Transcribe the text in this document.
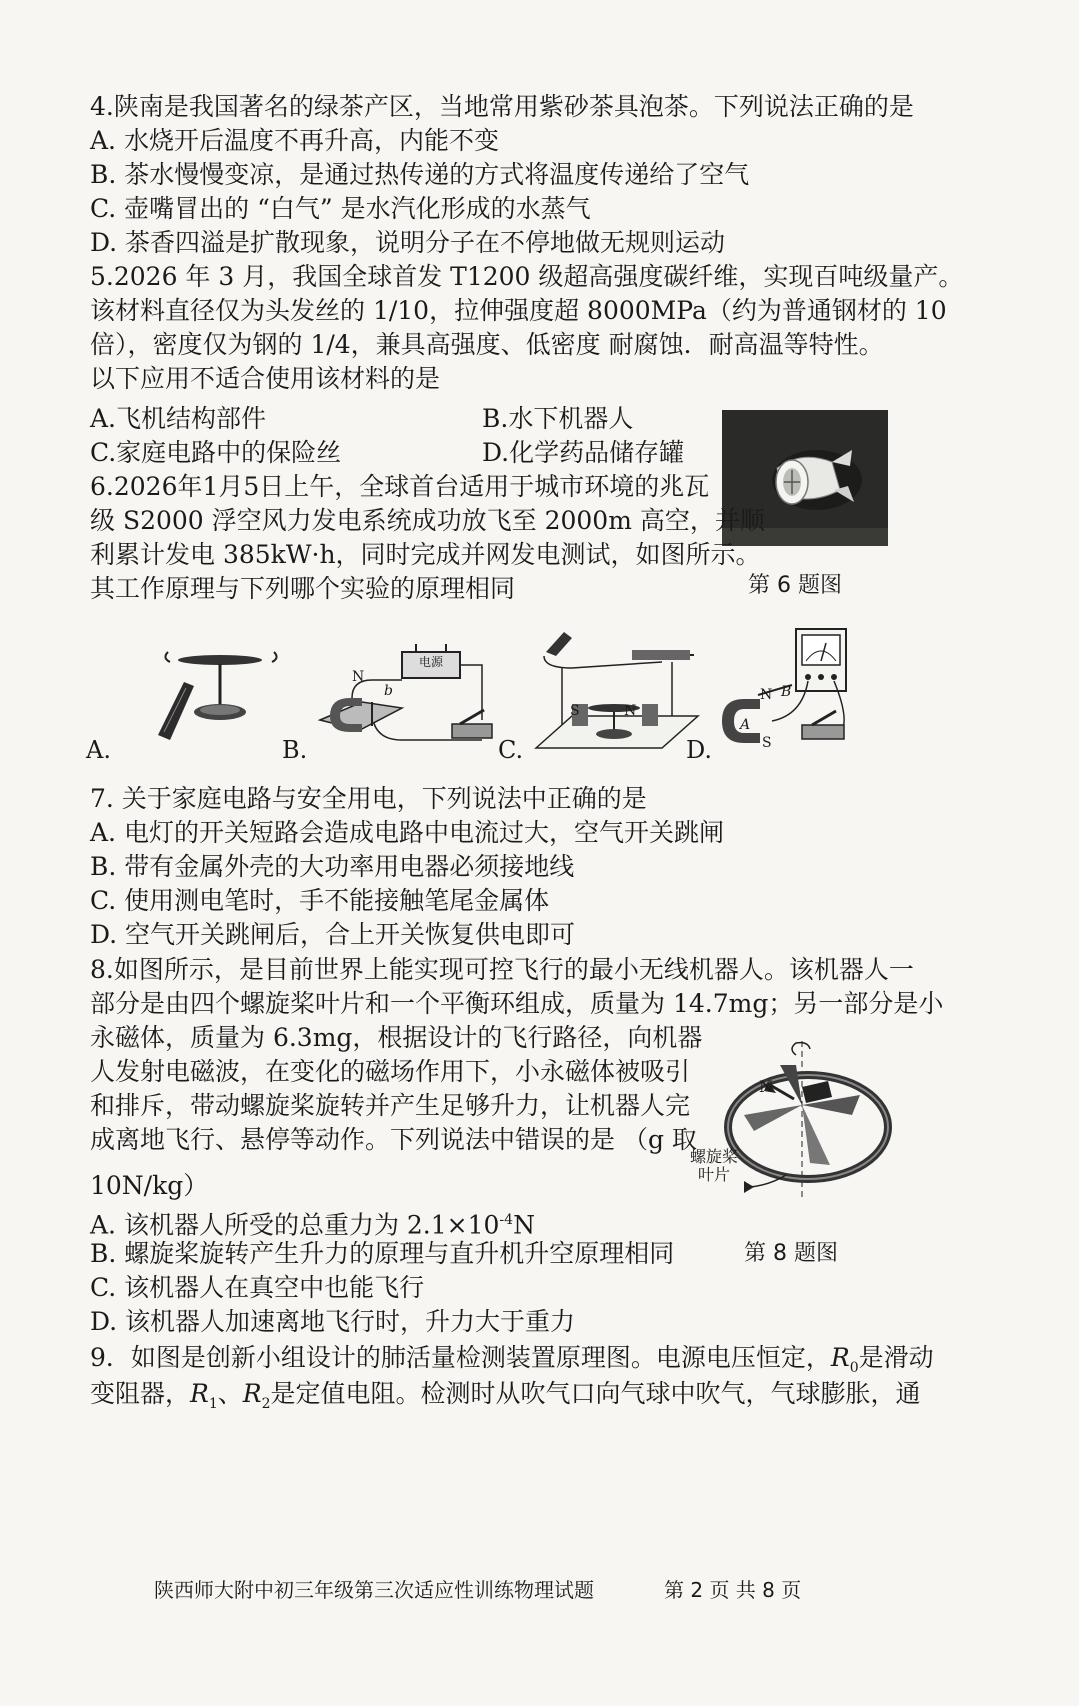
4.陕南是我国著名的绿茶产区，当地常用紫砂茶具泡茶。下列说法正确的是
A. 水烧开后温度不再升高，内能不变
B. 茶水慢慢变凉，是通过热传递的方式将温度传递给了空气
C. 壶嘴冒出的 “白气” 是水汽化形成的水蒸气
D. 茶香四溢是扩散现象，说明分子在不停地做无规则运动
5.2026 年 3 月，我国全球首发 T1200 级超高强度碳纤维，实现百吨级量产。
该材料直径仅为头发丝的 1/10，拉伸强度超 8000MPa（约为普通钢材的 10
倍），密度仅为钢的 1/4，兼具高强度、低密度 耐腐蚀．耐高温等特性。
以下应用不适合使用该材料的是
A.飞机结构部件	B.水下机器人
C.家庭电路中的保险丝	D.化学药品储存罐
第 6 题图
6.2026年1月5日上午，全球首台适用于城市环境的兆瓦
级 S2000 浮空风力发电系统成功放飞至 2000m 高空，并顺
利累计发电 385kW·h，同时完成并网发电测试，如图所示。
其工作原理与下列哪个实验的原理相同
A.
电源
N
b
B.
S	N
C.
N B
A
S
D.
7. 关于家庭电路与安全用电，下列说法中正确的是
A. 电灯的开关短路会造成电路中电流过大，空气开关跳闸
B. 带有金属外壳的大功率用电器必须接地线
C. 使用测电笔时，手不能接触笔尾金属体
D. 空气开关跳闸后，合上开关恢复供电即可
8.如图所示，是目前世界上能实现可控飞行的最小无线机器人。该机器人一
部分是由四个螺旋桨叶片和一个平衡环组成，质量为 14.7mg；另一部分是小
永磁体，质量为 6.3mg，根据设计的飞行路径，向机器
人发射电磁波，在变化的磁场作用下，小永磁体被吸引
和排斥，带动螺旋桨旋转并产生足够升力，让机器人完
成离地飞行、悬停等动作。下列说法中错误的是 （g 取
10N/kg）
A. 该机器人所受的总重力为 $2.1\times 10^{-4}N$
B. 螺旋桨旋转产生升力的原理与直升机升空原理相同
C. 该机器人在真空中也能飞行
D. 该机器人加速离地飞行时，升力大于重力
N
螺旋桨
叶片
第 8 题图
9．如图是创新小组设计的肺活量检测装置原理图。电源电压恒定，$R_0$是滑动
变阻器，$R_1$、$R_2$是定值电阻。检测时从吹气口向气球中吹气，气球膨胀，通
陕西师大附中初三年级第三次适应性训练物理试题	第 2 页 共 8 页
